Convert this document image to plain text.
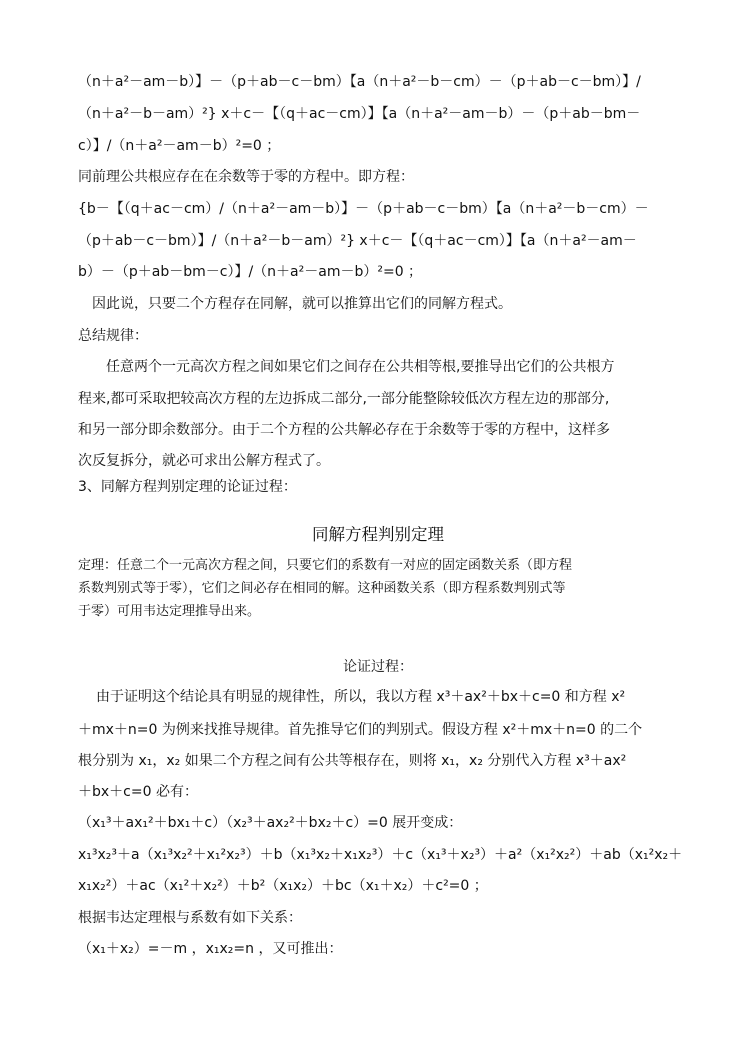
（n＋a²－am－b）】－（p＋ab－c－bm）【a（n＋a²－b－cm）－（p＋ab－c－bm）】/
（n＋a²－b－am）²} x＋c－【（q＋ac－cm）】【a（n＋a²－am－b）－（p＋ab－bm－
c）】/（n＋a²－am－b）²=0 ；
同前理公共根应存在在余数等于零的方程中。即方程：
{b－【（q＋ac－cm）/（n＋a²－am－b）】－（p＋ab－c－bm）【a（n＋a²－b－cm）－
（p＋ab－c－bm）】/（n＋a²－b－am）²} x＋c－【（q＋ac－cm）】【a（n＋a²－am－
b）－（p＋ab－bm－c）】/（n＋a²－am－b）²=0 ；
因此说，只要二个方程存在同解，就可以推算出它们的同解方程式。
总结规律：
任意两个一元高次方程之间如果它们之间存在公共相等根,要推导出它们的公共根方
程来,都可采取把较高次方程的左边拆成二部分,一部分能整除较低次方程左边的那部分,
和另一部分即余数部分。由于二个方程的公共解必存在于余数等于零的方程中，这样多
次反复拆分，就必可求出公解方程式了。
3、同解方程判别定理的论证过程：
同解方程判别定理
定理：任意二个一元高次方程之间，只要它们的系数有一对应的固定函数关系（即方程
系数判别式等于零），它们之间必存在相同的解。这种函数关系（即方程系数判别式等
于零）可用韦达定理推导出来。
论证过程：
由于证明这个结论具有明显的规律性，所以，我以方程 x³＋ax²＋bx＋c=0 和方程 x²
＋mx＋n=0 为例来找推导规律。首先推导它们的判别式。假设方程 x²＋mx＋n=0 的二个
根分别为 x₁，x₂ 如果二个方程之间有公共等根存在，则将 x₁，x₂ 分别代入方程 x³＋ax²
＋bx＋c=0 必有：
（x₁³＋ax₁²＋bx₁＋c）（x₂³＋ax₂²＋bx₂＋c）=0 展开变成：
x₁³x₂³＋a（x₁³x₂²＋x₁²x₂³）＋b（x₁³x₂＋x₁x₂³）＋c（x₁³＋x₂³）＋a²（x₁²x₂²）＋ab（x₁²x₂＋
x₁x₂²）＋ac（x₁²＋x₂²）＋b²（x₁x₂）＋bc（x₁＋x₂）＋c²=0 ；
根据韦达定理根与系数有如下关系：
（x₁＋x₂）=－m ，x₁x₂=n ，又可推出：
